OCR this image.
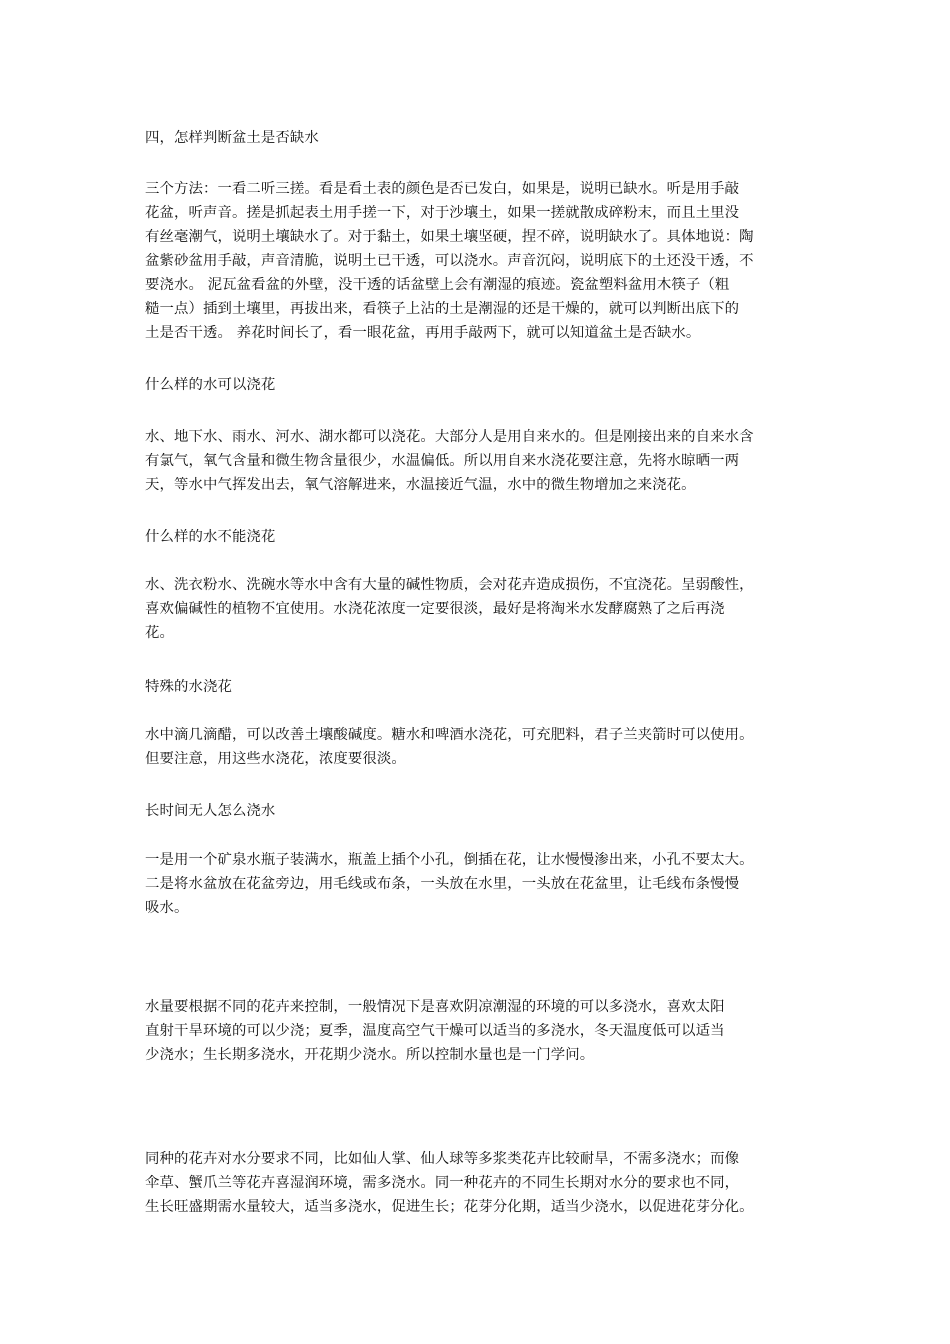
四，怎样判断盆土是否缺水

三个方法：一看二听三搓。看是看土表的颜色是否已发白，如果是，说明已缺水。听是用手敲
花盆，听声音。搓是抓起表土用手搓一下，对于沙壤土，如果一搓就散成碎粉末，而且土里没
有丝毫潮气，说明土壤缺水了。对于黏土，如果土壤坚硬，捏不碎，说明缺水了。具体地说：陶
盆紫砂盆用手敲，声音清脆，说明土已干透，可以浇水。声音沉闷，说明底下的土还没干透，不
要浇水。 泥瓦盆看盆的外壁，没干透的话盆壁上会有潮湿的痕迹。瓷盆塑料盆用木筷子（粗
糙一点）插到土壤里，再拔出来，看筷子上沾的土是潮湿的还是干燥的，就可以判断出底下的
土是否干透。 养花时间长了，看一眼花盆，再用手敲两下，就可以知道盆土是否缺水。

什么样的水可以浇花

水、地下水、雨水、河水、湖水都可以浇花。大部分人是用自来水的。但是刚接出来的自来水含
有氯气，氧气含量和微生物含量很少，水温偏低。所以用自来水浇花要注意，先将水晾晒一两
天，等水中气挥发出去，氧气溶解进来，水温接近气温，水中的微生物增加之来浇花。

什么样的水不能浇花

水、洗衣粉水、洗碗水等水中含有大量的碱性物质，会对花卉造成损伤，不宜浇花。呈弱酸性，
喜欢偏碱性的植物不宜使用。水浇花浓度一定要很淡，最好是将淘米水发酵腐熟了之后再浇
花。

特殊的水浇花

水中滴几滴醋，可以改善土壤酸碱度。糖水和啤酒水浇花，可充肥料，君子兰夹箭时可以使用。
但要注意，用这些水浇花，浓度要很淡。

长时间无人怎么浇水

一是用一个矿泉水瓶子装满水，瓶盖上插个小孔，倒插在花，让水慢慢渗出来，小孔不要太大。
二是将水盆放在花盆旁边，用毛线或布条，一头放在水里，一头放在花盆里，让毛线布条慢慢
吸水。
水量要根据不同的花卉来控制，一般情况下是喜欢阴凉潮湿的环境的可以多浇水，喜欢太阳
直射干旱环境的可以少浇；夏季，温度高空气干燥可以适当的多浇水，冬天温度低可以适当
少浇水；生长期多浇水，开花期少浇水。所以控制水量也是一门学问。
同种的花卉对水分要求不同，比如仙人掌、仙人球等多浆类花卉比较耐旱，不需多浇水；而像
伞草、蟹爪兰等花卉喜湿润环境，需多浇水。同一种花卉的不同生长期对水分的要求也不同，
生长旺盛期需水量较大，适当多浇水，促进生长；花芽分化期，适当少浇水，以促进花芽分化。
